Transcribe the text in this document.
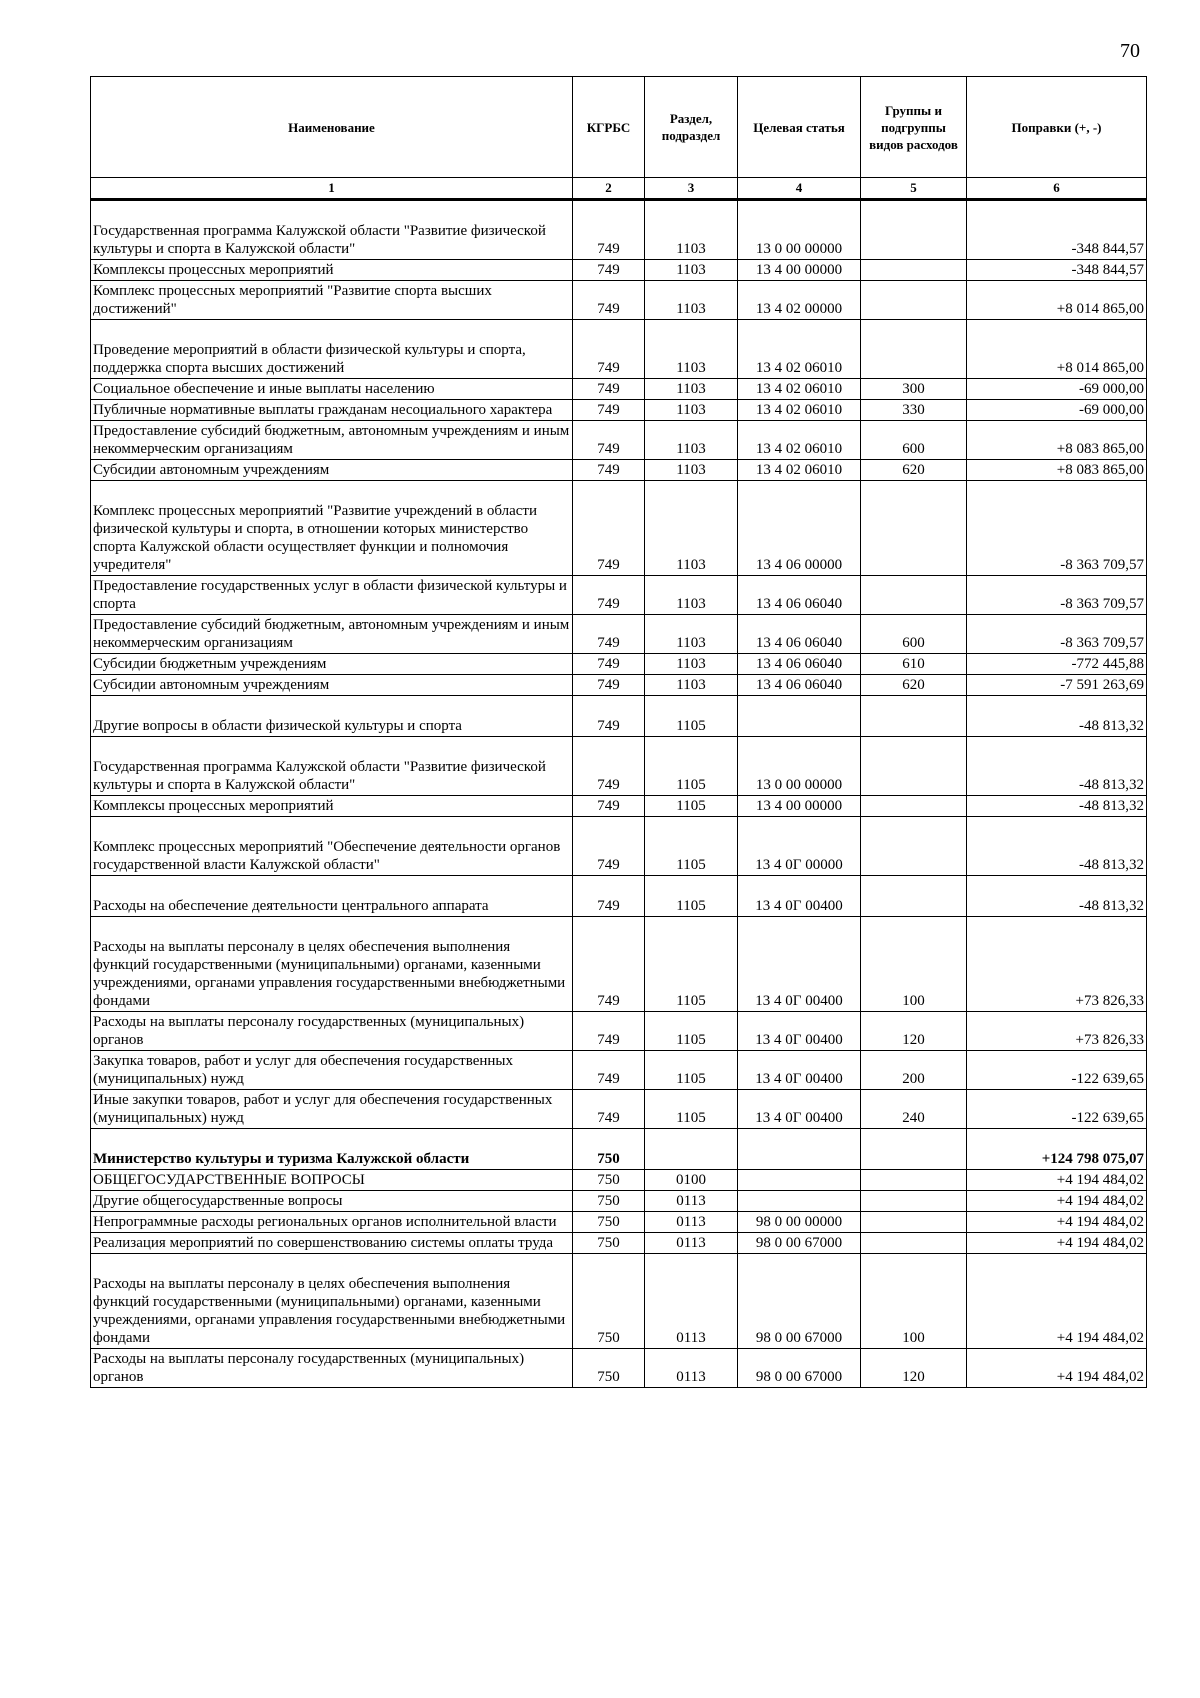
70
Наименование	КГРБС	Раздел, подраздел	Целевая статья	Группы и подгруппы видов расходов	Поправки (+, -)
1	2	3	4	5	6
Государственная программа Калужской области "Развитие физической культуры и спорта в Калужской области"	749	1103	13 0 00 00000		-348 844,57
Комплексы процессных мероприятий	749	1103	13 4 00 00000		-348 844,57
Комплекс процессных мероприятий "Развитие спорта высших достижений"	749	1103	13 4 02 00000		+8 014 865,00
Проведение мероприятий в области физической культуры и спорта, поддержка спорта высших достижений	749	1103	13 4 02 06010		+8 014 865,00
Социальное обеспечение и иные выплаты населению	749	1103	13 4 02 06010	300	-69 000,00
Публичные нормативные выплаты гражданам несоциального характера	749	1103	13 4 02 06010	330	-69 000,00
Предоставление субсидий бюджетным, автономным учреждениям и иным некоммерческим организациям	749	1103	13 4 02 06010	600	+8 083 865,00
Субсидии автономным учреждениям	749	1103	13 4 02 06010	620	+8 083 865,00
Комплекс процессных мероприятий "Развитие учреждений в области физической культуры и спорта, в отношении которых министерство спорта Калужской области осуществляет функции и полномочия учредителя"	749	1103	13 4 06 00000		-8 363 709,57
Предоставление государственных услуг в области физической культуры и спорта	749	1103	13 4 06 06040		-8 363 709,57
Предоставление субсидий бюджетным, автономным учреждениям и иным некоммерческим организациям	749	1103	13 4 06 06040	600	-8 363 709,57
Субсидии бюджетным учреждениям	749	1103	13 4 06 06040	610	-772 445,88
Субсидии автономным учреждениям	749	1103	13 4 06 06040	620	-7 591 263,69
Другие вопросы в области физической культуры и спорта	749	1105			-48 813,32
Государственная программа Калужской области "Развитие физической культуры и спорта в Калужской области"	749	1105	13 0 00 00000		-48 813,32
Комплексы процессных мероприятий	749	1105	13 4 00 00000		-48 813,32
Комплекс процессных мероприятий "Обеспечение деятельности органов государственной власти Калужской области"	749	1105	13 4 0Г 00000		-48 813,32
Расходы на обеспечение деятельности центрального аппарата	749	1105	13 4 0Г 00400		-48 813,32
Расходы на выплаты персоналу в целях обеспечения выполнения функций государственными (муниципальными) органами, казенными учреждениями, органами управления государственными внебюджетными фондами	749	1105	13 4 0Г 00400	100	+73 826,33
Расходы на выплаты персоналу государственных (муниципальных) органов	749	1105	13 4 0Г 00400	120	+73 826,33
Закупка товаров, работ и услуг для обеспечения государственных (муниципальных) нужд	749	1105	13 4 0Г 00400	200	-122 639,65
Иные закупки товаров, работ и услуг для обеспечения государственных (муниципальных) нужд	749	1105	13 4 0Г 00400	240	-122 639,65
Министерство культуры и туризма Калужской области	750				+124 798 075,07
ОБЩЕГОСУДАРСТВЕННЫЕ ВОПРОСЫ	750	0100			+4 194 484,02
Другие общегосударственные вопросы	750	0113			+4 194 484,02
Непрограммные расходы региональных органов исполнительной власти	750	0113	98 0 00 00000		+4 194 484,02
Реализация мероприятий по совершенствованию системы оплаты труда	750	0113	98 0 00 67000		+4 194 484,02
Расходы на выплаты персоналу в целях обеспечения выполнения функций государственными (муниципальными) органами, казенными учреждениями, органами управления государственными внебюджетными фондами	750	0113	98 0 00 67000	100	+4 194 484,02
Расходы на выплаты персоналу государственных (муниципальных) органов	750	0113	98 0 00 67000	120	+4 194 484,02
